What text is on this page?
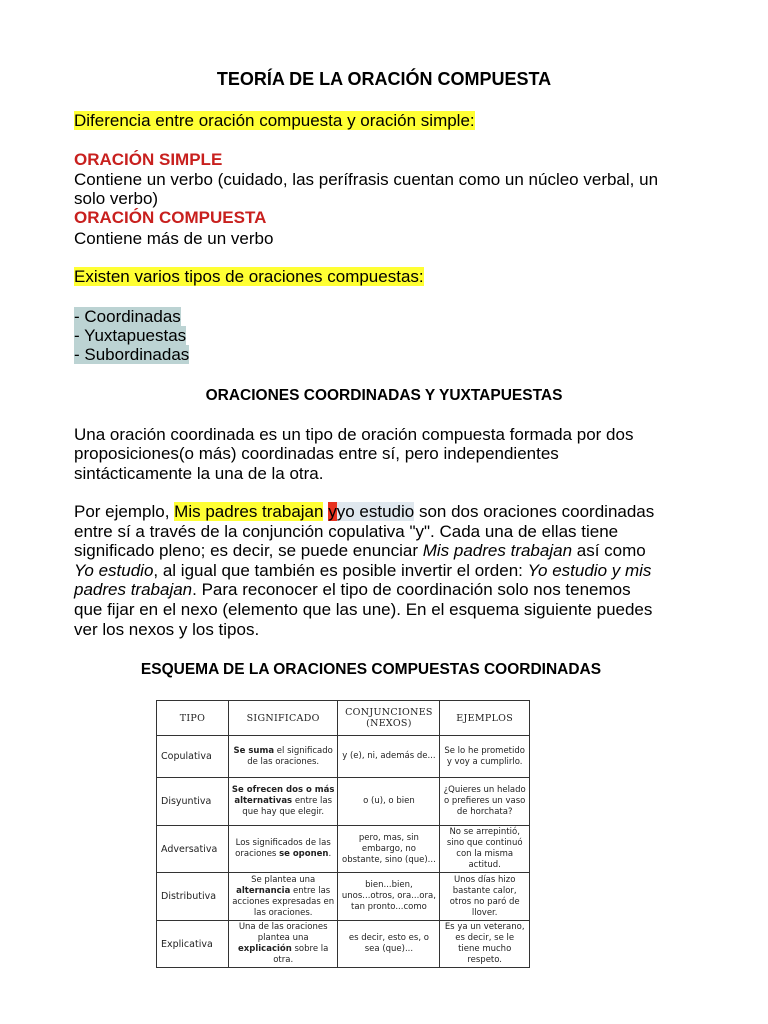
TEORÍA DE LA ORACIÓN COMPUESTA
Diferencia entre oración compuesta y oración simple:
ORACIÓN SIMPLE
Contiene un verbo (cuidado, las perífrasis cuentan como un núcleo verbal, un
solo verbo)
ORACIÓN COMPUESTA
Contiene más de un verbo
Existen varios tipos de oraciones compuestas:
- Coordinadas
- Yuxtapuestas
- Subordinadas
ORACIONES COORDINADAS Y YUXTAPUESTAS
Una oración coordinada es un tipo de oración compuesta formada por dos
proposiciones(o más) coordinadas entre sí, pero independientes
sintácticamente la una de la otra.
Por ejemplo, Mis padres trabajan yyo estudio son dos oraciones coordinadas
entre sí a través de la conjunción copulativa "y". Cada una de ellas tiene
significado pleno; es decir, se puede enunciar Mis padres trabajan así como
Yo estudio, al igual que también es posible invertir el orden: Yo estudio y mis
padres trabajan. Para reconocer el tipo de coordinación solo nos tenemos
que fijar en el nexo (elemento que las une). En el esquema siguiente puedes
ver los nexos y los tipos.
ESQUEMA DE LA ORACIONES COMPUESTAS COORDINADAS
TIPO	SIGNIFICADO	CONJUNCIONES (NEXOS)	EJEMPLOS
Copulativa	Se suma el significado de las oraciones.	y (e), ni, además de...	Se lo he prometido y voy a cumplirlo.
Disyuntiva	Se ofrecen dos o más alternativas entre las que hay que elegir.	o (u), o bien	¿Quieres un helado o prefieres un vaso de horchata?
Adversativa	Los significados de las oraciones se oponen.	pero, mas, sin embargo, no obstante, sino (que)...	No se arrepintió, sino que continuó con la misma actitud.
Distributiva	Se plantea una alternancia entre las acciones expresadas en las oraciones.	bien...bien, unos...otros, ora...ora, tan pronto...como	Unos días hizo bastante calor, otros no paró de llover.
Explicativa	Una de las oraciones plantea una explicación sobre la otra.	es decir, esto es, o sea (que)...	Es ya un veterano, es decir, se le tiene mucho respeto.
